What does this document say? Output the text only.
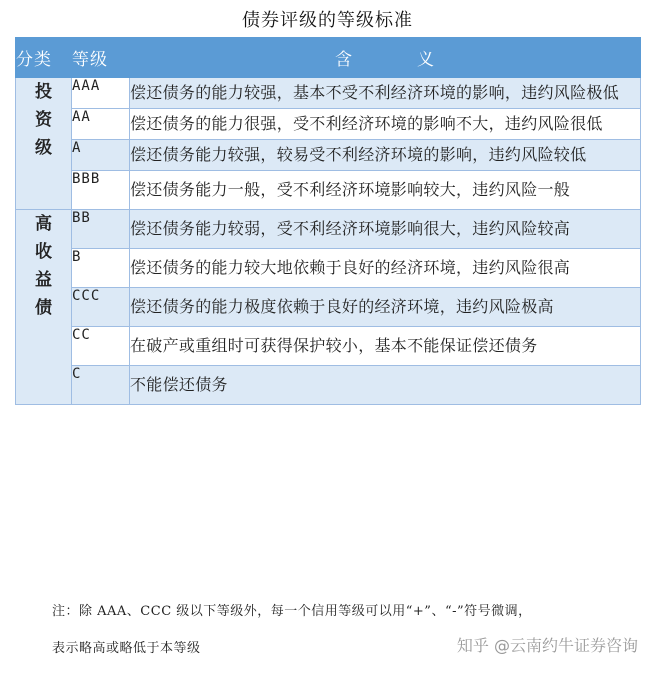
债券评级的等级标准
分类	等级	含 义

投
资
级	AAA	偿还债务的能力较强，基本不受不利经济环境的影响，违约风险极低
	AA	偿还债务的能力很强，受不利经济环境的影响不大，违约风险很低
	A	偿还债务能力较强，较易受不利经济环境的影响，违约风险较低
	BBB	偿还债务能力一般，受不利经济环境影响较大，违约风险一般

高
收
益
债	BB	偿还债务能力较弱，受不利经济环境影响很大，违约风险较高
	B	偿还债务的能力较大地依赖于良好的经济环境，违约风险很高
	CCC	偿还债务的能力极度依赖于良好的经济环境，违约风险极高
	CC	在破产或重组时可获得保护较小，基本不能保证偿还债务
	C	不能偿还债务
注：除 AAA、CCC 级以下等级外，每一个信用等级可以用“+”、“-”符号微调，
表示略高或略低于本等级	知乎 @云南约牛证券咨询
